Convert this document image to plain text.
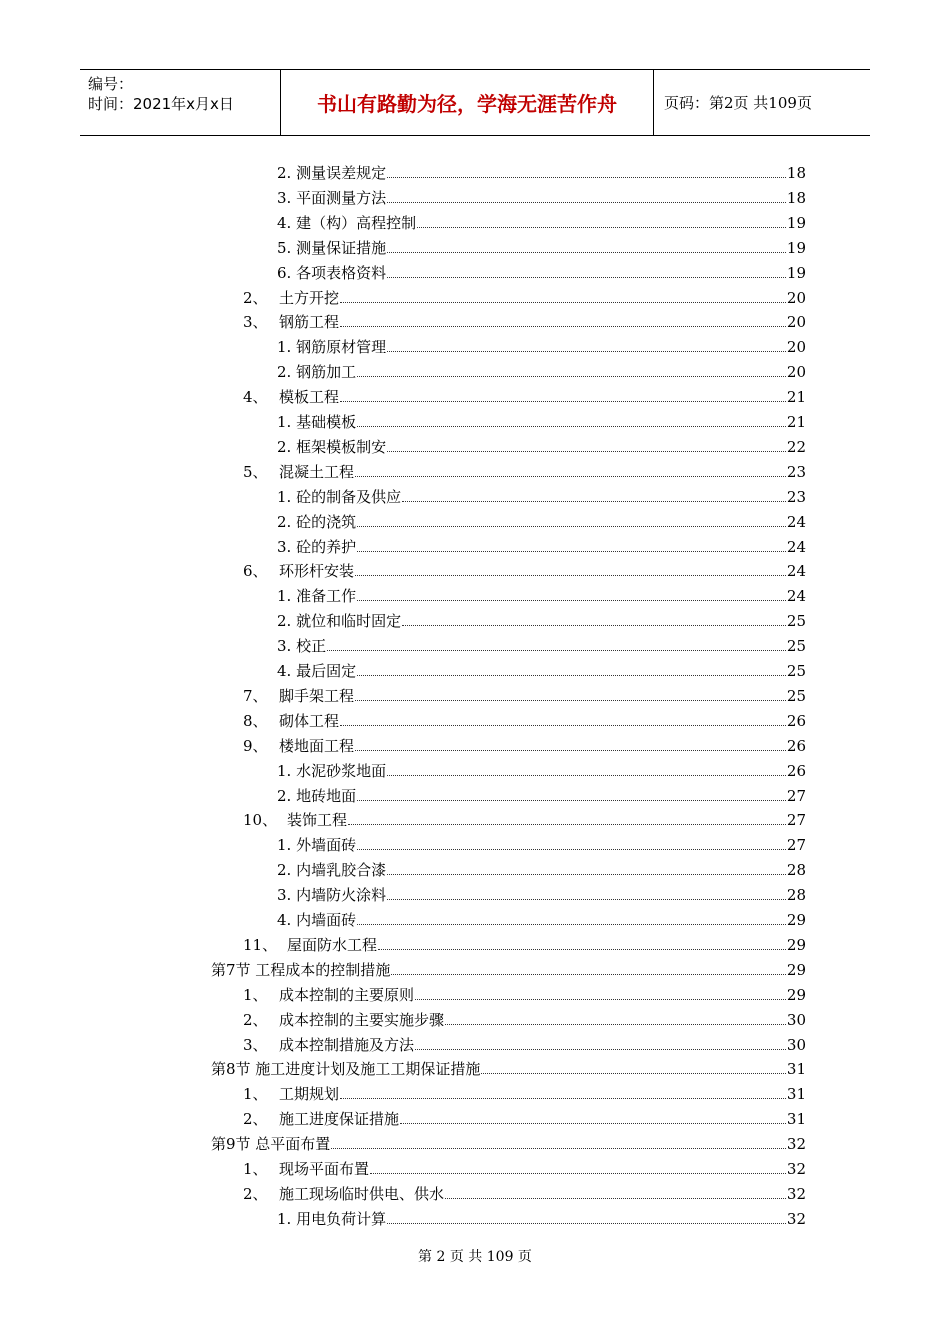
编号：
时间：2021年x月x日	书山有路勤为径，学海无涯苦作舟	页码：第2页 共109页
2. 测量误差规定	18
3. 平面测量方法	18
4. 建（构）高程控制	19
5. 测量保证措施	19
6. 各项表格资料	19
2、 土方开挖	20
3、 钢筋工程	20
1. 钢筋原材管理	20
2. 钢筋加工	20
4、 模板工程	21
1. 基础模板	21
2. 框架模板制安	22
5、 混凝土工程	23
1. 砼的制备及供应	23
2. 砼的浇筑	24
3. 砼的养护	24
6、 环形杆安装	24
1. 准备工作	24
2. 就位和临时固定	25
3. 校正	25
4. 最后固定	25
7、 脚手架工程	25
8、 砌体工程	26
9、 楼地面工程	26
1. 水泥砂浆地面	26
2. 地砖地面	27
10、 装饰工程	27
1. 外墙面砖	27
2. 内墙乳胶合漆	28
3. 内墙防火涂料	28
4. 内墙面砖	29
11、 屋面防水工程	29
第7节 工程成本的控制措施	29
1、 成本控制的主要原则	29
2、 成本控制的主要实施步骤	30
3、 成本控制措施及方法	30
第8节 施工进度计划及施工工期保证措施	31
1、 工期规划	31
2、 施工进度保证措施	31
第9节 总平面布置	32
1、 现场平面布置	32
2、 施工现场临时供电、供水	32
1. 用电负荷计算	32
第 2 页 共 109 页
